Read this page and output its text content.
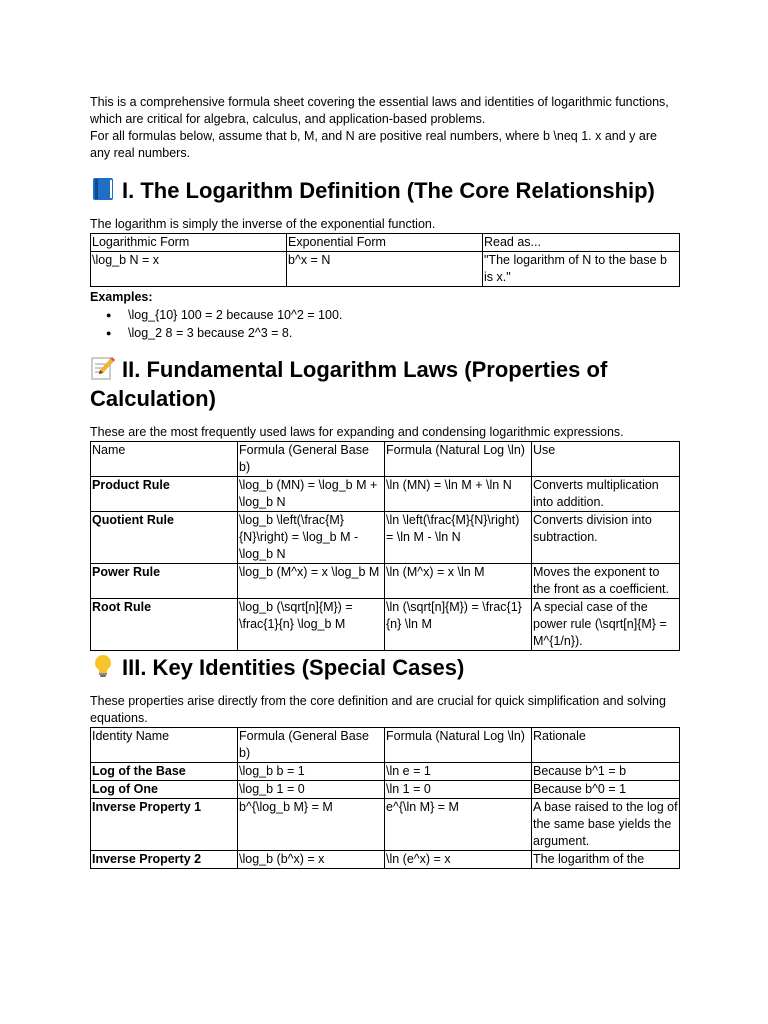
This is a comprehensive formula sheet covering the essential laws and identities of logarithmic functions, which are critical for algebra, calculus, and application-based problems.
For all formulas below, assume that b, M, and N are positive real numbers, where b \neq 1. x and y are any real numbers.

I. The Logarithm Definition (The Core Relationship)

The logarithm is simply the inverse of the exponential function.

Logarithmic Form	Exponential Form	Read as...
\log_b N = x	b^x = N	"The logarithm of N to the base b is x."

Examples:

● \log_{10} 100 = 2 because 10^2 = 100.
● \log_2 8 = 3 because 2^3 = 8.
II. Fundamental Logarithm Laws (Properties of Calculation)

These are the most frequently used laws for expanding and condensing logarithmic expressions.

Name	Formula (General Base b)	Formula (Natural Log \ln)	Use
Product Rule	\log_b (MN) = \log_b M + \log_b N	\ln (MN) = \ln M + \ln N	Converts multiplication into addition.
Quotient Rule	\log_b \left(\frac{M}{N}\right) = \log_b M - \log_b N	\ln \left(\frac{M}{N}\right) = \ln M - \ln N	Converts division into subtraction.
Power Rule	\log_b (M^x) = x \log_b M	\ln (M^x) = x \ln M	Moves the exponent to the front as a coefficient.
Root Rule	\log_b (\sqrt[n]{M}) = \frac{1}{n} \log_b M	\ln (\sqrt[n]{M}) = \frac{1}{n} \ln M	A special case of the power rule (\sqrt[n]{M} = M^{1/n}).
III. Key Identities (Special Cases)

These properties arise directly from the core definition and are crucial for quick simplification and solving equations.

Identity Name	Formula (General Base b)	Formula (Natural Log \ln)	Rationale
Log of the Base	\log_b b = 1	\ln e = 1	Because b^1 = b
Log of One	\log_b 1 = 0	\ln 1 = 0	Because b^0 = 1
Inverse Property 1	b^{\log_b M} = M	e^{\ln M} = M	A base raised to the log of the same base yields the argument.
Inverse Property 2	\log_b (b^x) = x	\ln (e^x) = x	The logarithm of the
